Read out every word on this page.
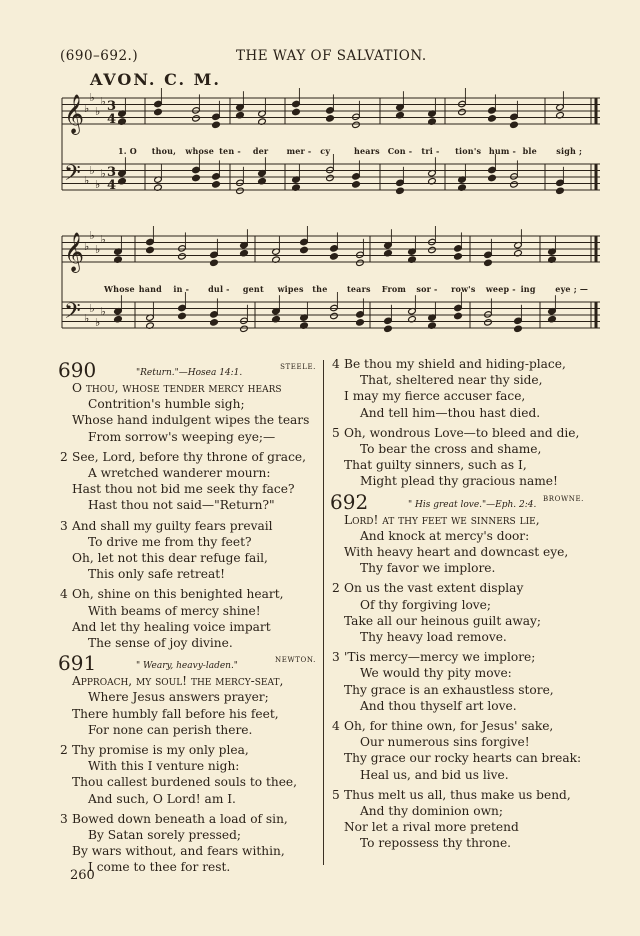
(690–692.)	THE WAY OF SALVATION.
AVON. C. M.
𝄞 ♭
♭
♭
♭ 3
4
𝄢 ♭
♭
♭
♭ 3
4
1. O thou, whose ten - der mer - cy	hears Con - tri - tion's hum - ble sigh ;
𝄞 ♭
♭
♭
♭
𝄢 ♭
♭
♭
♭
Whose hand in - dul - gent wipes the tears From sor - row's weep - ing eye ; —
690	"Return."—Hosea 14:1.
STEELE.
O thou, whose tender mercy hears
Contrition's humble sigh;
Whose hand indulgent wipes the tears
From sorrow's weeping eye;—
2 See, Lord, before thy throne of grace,
A wretched wanderer mourn:
Hast thou not bid me seek thy face?
Hast thou not said—"Return?"
3 And shall my guilty fears prevail
To drive me from thy feet?
Oh, let not this dear refuge fail,
This only safe retreat!
4 Oh, shine on this benighted heart,
With beams of mercy shine!
And let thy healing voice impart
The sense of joy divine.
691	" Weary, heavy-laden."
NEWTON.
Approach, my soul! the mercy-seat,
Where Jesus answers prayer;
There humbly fall before his feet,
For none can perish there.
2 Thy promise is my only plea,
With this I venture nigh:
Thou callest burdened souls to thee,
And such, O Lord! am I.
3 Bowed down beneath a load of sin,
By Satan sorely pressed;
By wars without, and fears within,
I come to thee for rest.
4 Be thou my shield and hiding-place,
That, sheltered near thy side,
I may my fierce accuser face,
And tell him—thou hast died.
5 Oh, wondrous Love—to bleed and die,
To bear the cross and shame,
That guilty sinners, such as I,
Might plead thy gracious name!
692	" His great love."—Eph. 2:4.
BROWNE.
Lord! at thy feet we sinners lie,
And knock at mercy's door:
With heavy heart and downcast eye,
Thy favor we implore.
2 On us the vast extent display
Of thy forgiving love;
Take all our heinous guilt away;
Thy heavy load remove.
3 'Tis mercy—mercy we implore;
We would thy pity move:
Thy grace is an exhaustless store,
And thou thyself art love.
4 Oh, for thine own, for Jesus' sake,
Our numerous sins forgive!
Thy grace our rocky hearts can break:
Heal us, and bid us live.
5 Thus melt us all, thus make us bend,
And thy dominion own;
Nor let a rival more pretend
To repossess thy throne.
260
